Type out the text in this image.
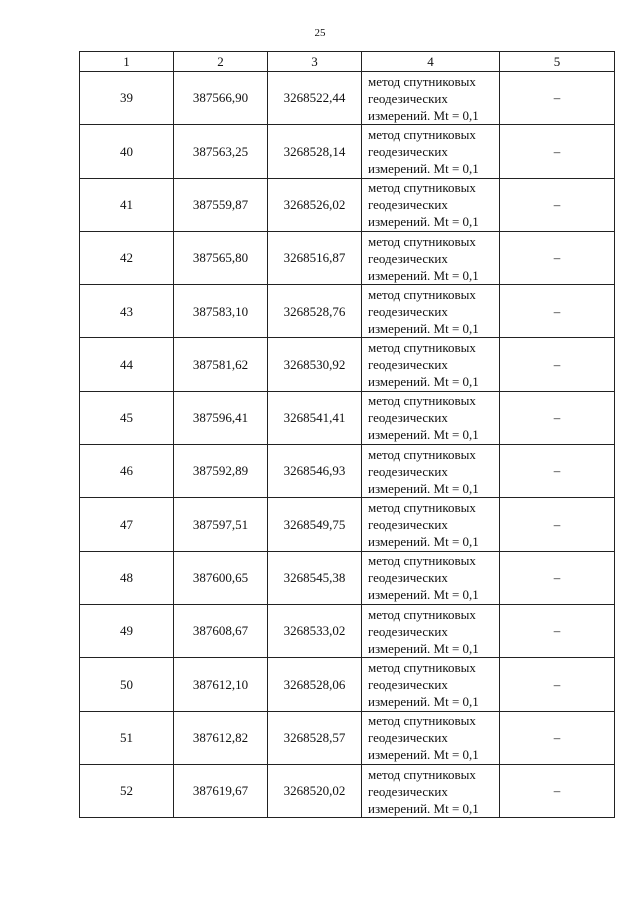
25
1	2	3	4	5
39	387566,90	3268522,44	метод спутниковых
геодезических
измерений. Mt = 0,1	–
40	387563,25	3268528,14	метод спутниковых
геодезических
измерений. Mt = 0,1	–
41	387559,87	3268526,02	метод спутниковых
геодезических
измерений. Mt = 0,1	–
42	387565,80	3268516,87	метод спутниковых
геодезических
измерений. Mt = 0,1	–
43	387583,10	3268528,76	метод спутниковых
геодезических
измерений. Mt = 0,1	–
44	387581,62	3268530,92	метод спутниковых
геодезических
измерений. Mt = 0,1	–
45	387596,41	3268541,41	метод спутниковых
геодезических
измерений. Mt = 0,1	–
46	387592,89	3268546,93	метод спутниковых
геодезических
измерений. Mt = 0,1	–
47	387597,51	3268549,75	метод спутниковых
геодезических
измерений. Mt = 0,1	–
48	387600,65	3268545,38	метод спутниковых
геодезических
измерений. Mt = 0,1	–
49	387608,67	3268533,02	метод спутниковых
геодезических
измерений. Mt = 0,1	–
50	387612,10	3268528,06	метод спутниковых
геодезических
измерений. Mt = 0,1	–
51	387612,82	3268528,57	метод спутниковых
геодезических
измерений. Mt = 0,1	–
52	387619,67	3268520,02	метод спутниковых
геодезических
измерений. Mt = 0,1	–
